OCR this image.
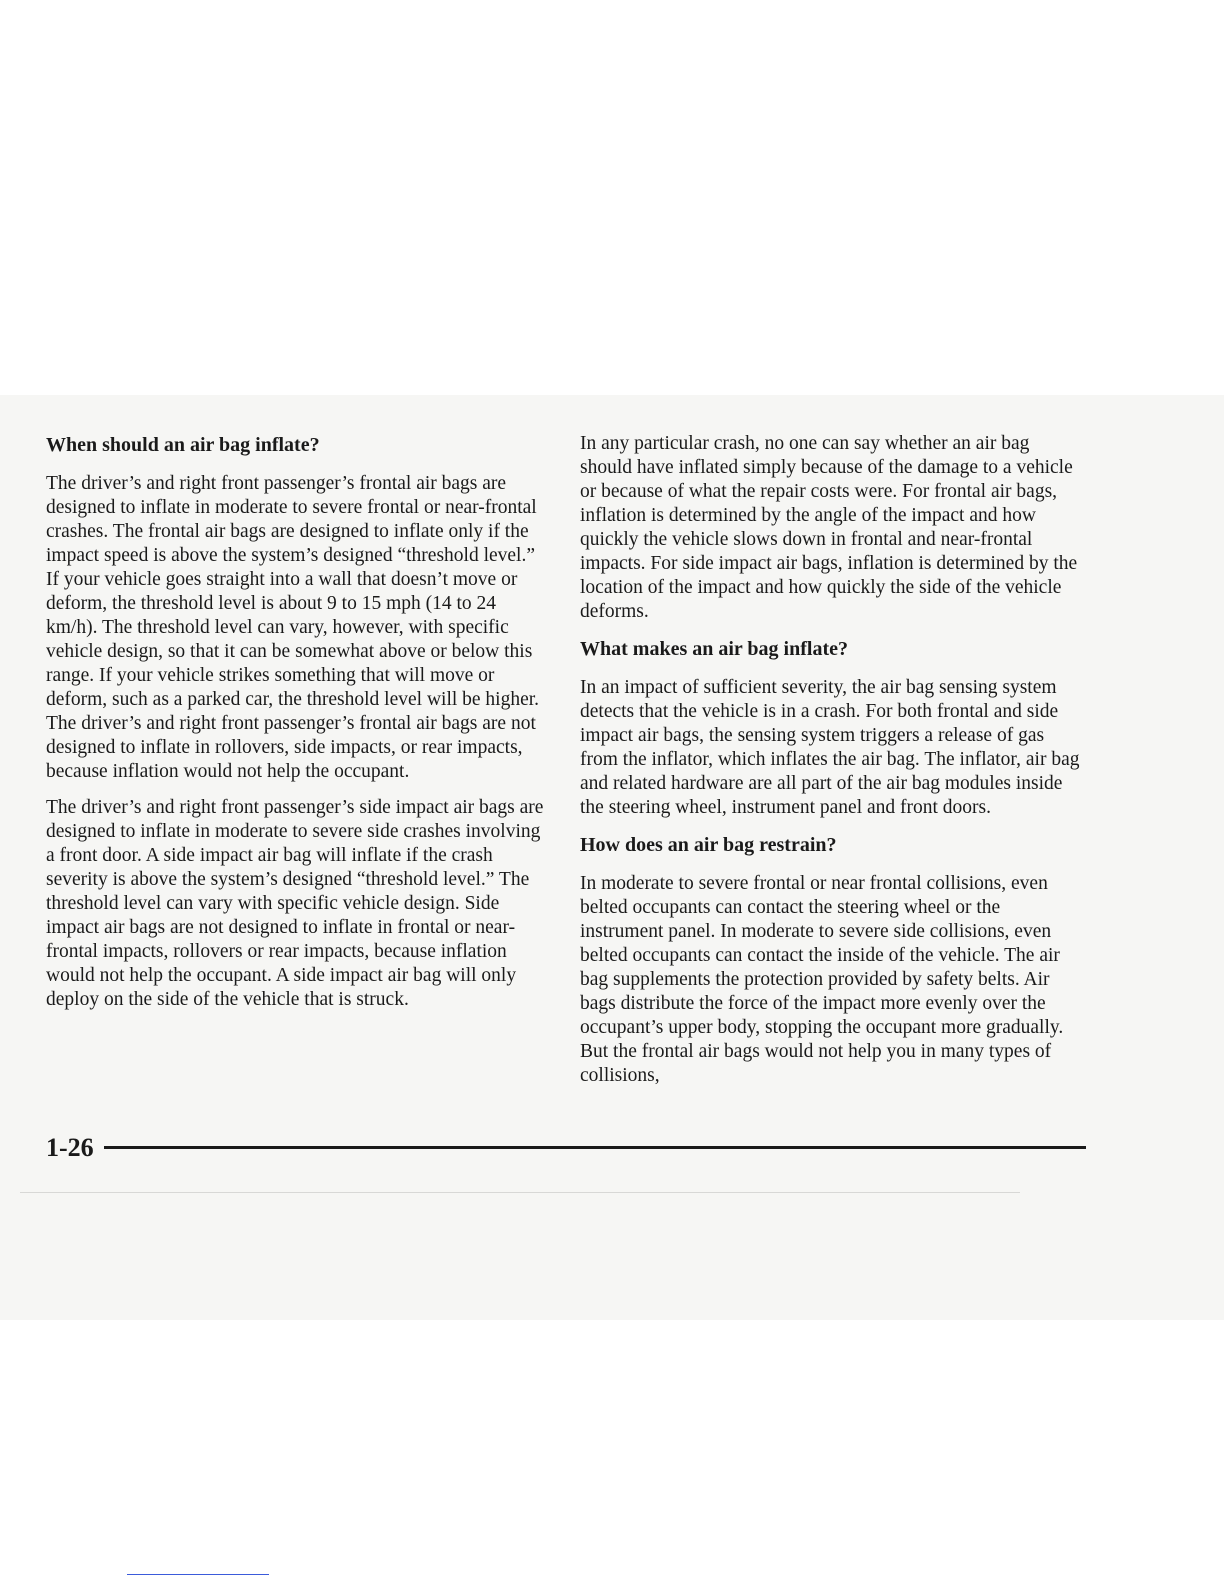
When should an air bag inflate?

The driver’s and right front passenger’s frontal air bags are designed to inflate in moderate to severe frontal or near-frontal crashes. The frontal air bags are designed to inflate only if the impact speed is above the system’s designed “threshold level.” If your vehicle goes straight into a wall that doesn’t move or deform, the threshold level is about 9 to 15 mph (14 to 24 km/h). The threshold level can vary, however, with specific vehicle design, so that it can be somewhat above or below this range. If your vehicle strikes something that will move or deform, such as a parked car, the threshold level will be higher. The driver’s and right front passenger’s frontal air bags are not designed to inflate in rollovers, side impacts, or rear impacts, because inflation would not help the occupant.

The driver’s and right front passenger’s side impact air bags are designed to inflate in moderate to severe side crashes involving a front door. A side impact air bag will inflate if the crash severity is above the system’s designed “threshold level.” The threshold level can vary with specific vehicle design. Side impact air bags are not designed to inflate in frontal or near-frontal impacts, rollovers or rear impacts, because inflation would not help the occupant. A side impact air bag will only deploy on the side of the vehicle that is struck.

In any particular crash, no one can say whether an air bag should have inflated simply because of the damage to a vehicle or because of what the repair costs were. For frontal air bags, inflation is determined by the angle of the impact and how quickly the vehicle slows down in frontal and near-frontal impacts. For side impact air bags, inflation is determined by the location of the impact and how quickly the side of the vehicle deforms.

What makes an air bag inflate?

In an impact of sufficient severity, the air bag sensing system detects that the vehicle is in a crash. For both frontal and side impact air bags, the sensing system triggers a release of gas from the inflator, which inflates the air bag. The inflator, air bag and related hardware are all part of the air bag modules inside the steering wheel, instrument panel and front doors.

How does an air bag restrain?

In moderate to severe frontal or near frontal collisions, even belted occupants can contact the steering wheel or the instrument panel. In moderate to severe side collisions, even belted occupants can contact the inside of the vehicle. The air bag supplements the protection provided by safety belts. Air bags distribute the force of the impact more evenly over the occupant’s upper body, stopping the occupant more gradually. But the frontal air bags would not help you in many types of collisions,

1-26
